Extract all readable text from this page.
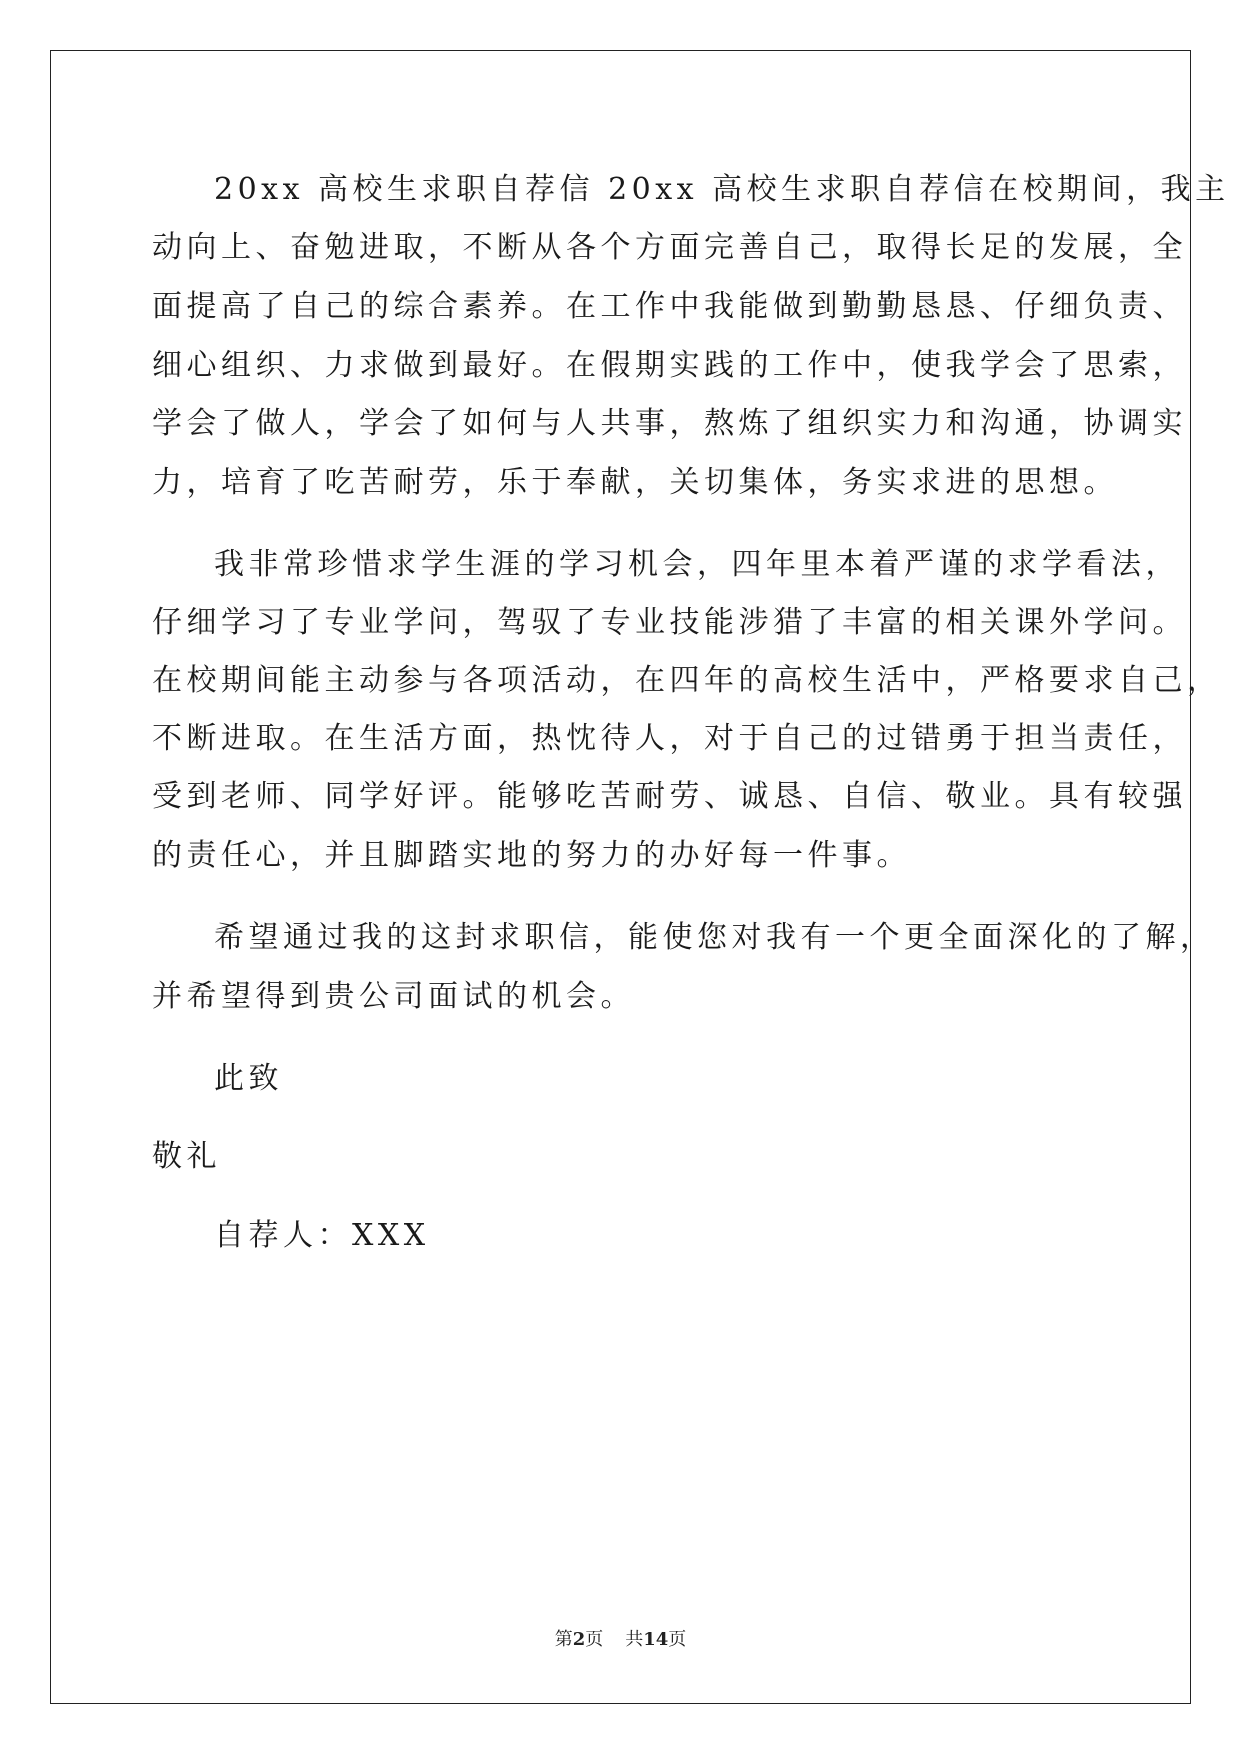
20xx 高校生求职自荐信 20xx 高校生求职自荐信在校期间，我主

动向上、奋勉进取，不断从各个方面完善自己，取得长足的发展，全

面提高了自己的综合素养。在工作中我能做到勤勤恳恳、仔细负责、

细心组织、力求做到最好。在假期实践的工作中，使我学会了思索，

学会了做人，学会了如何与人共事，熬炼了组织实力和沟通，协调实

力，培育了吃苦耐劳，乐于奉献，关切集体，务实求进的思想。

我非常珍惜求学生涯的学习机会，四年里本着严谨的求学看法，

仔细学习了专业学问，驾驭了专业技能涉猎了丰富的相关课外学问。

在校期间能主动参与各项活动，在四年的高校生活中，严格要求自己，

不断进取。在生活方面，热忱待人，对于自己的过错勇于担当责任，

受到老师、同学好评。能够吃苦耐劳、诚恳、自信、敬业。具有较强

的责任心，并且脚踏实地的努力的办好每一件事。

希望通过我的这封求职信，能使您对我有一个更全面深化的了解，

并希望得到贵公司面试的机会。

此致

敬礼

自荐人：XXX

第2页 共14页
